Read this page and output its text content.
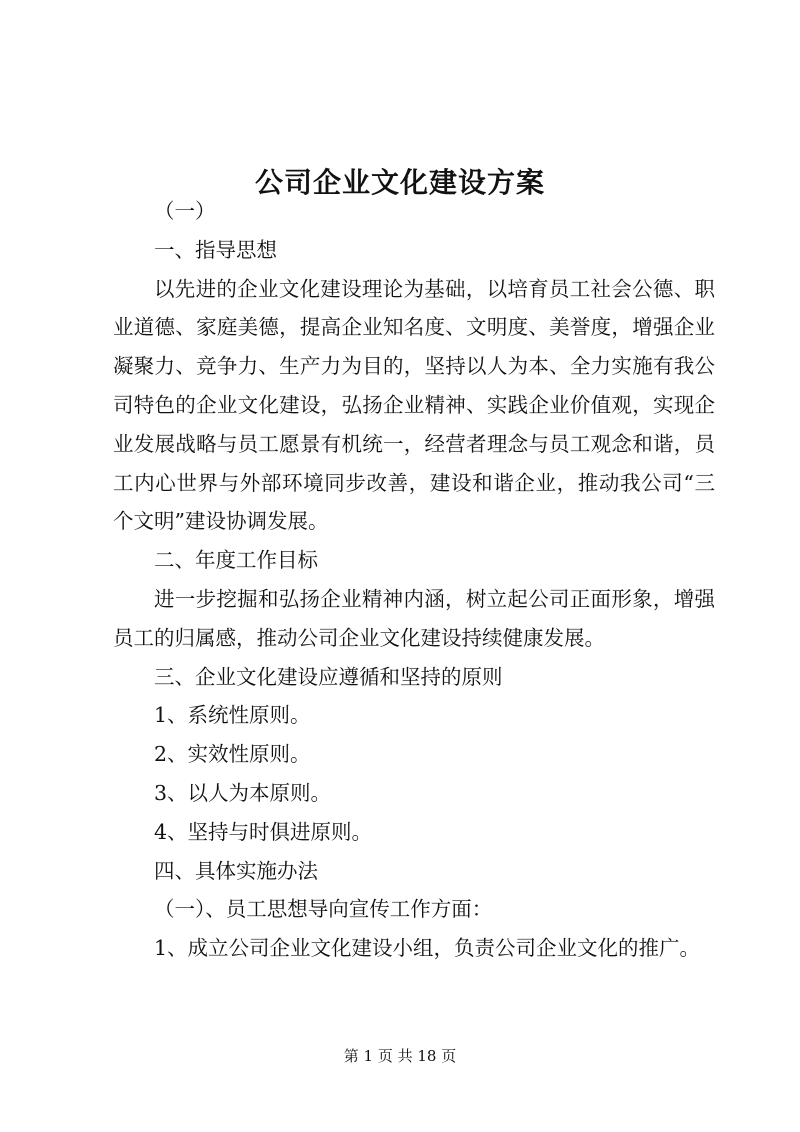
公司企业文化建设方案

（一）

一、指导思想

以先进的企业文化建设理论为基础，以培育员工社会公德、职业道德、家庭美德，提高企业知名度、文明度、美誉度，增强企业凝聚力、竞争力、生产力为目的，坚持以人为本、全力实施有我公司特色的企业文化建设，弘扬企业精神、实践企业价值观，实现企业发展战略与员工愿景有机统一，经营者理念与员工观念和谐，员工内心世界与外部环境同步改善，建设和谐企业，推动我公司“三个文明”建设协调发展。

二、年度工作目标

进一步挖掘和弘扬企业精神内涵，树立起公司正面形象，增强员工的归属感，推动公司企业文化建设持续健康发展。

三、企业文化建设应遵循和坚持的原则

1、系统性原则。

2、实效性原则。

3、以人为本原则。

4、坚持与时俱进原则。

四、具体实施办法

（一）、员工思想导向宣传工作方面：

1、成立公司企业文化建设小组，负责公司企业文化的推广。

第 1 页 共 18 页
